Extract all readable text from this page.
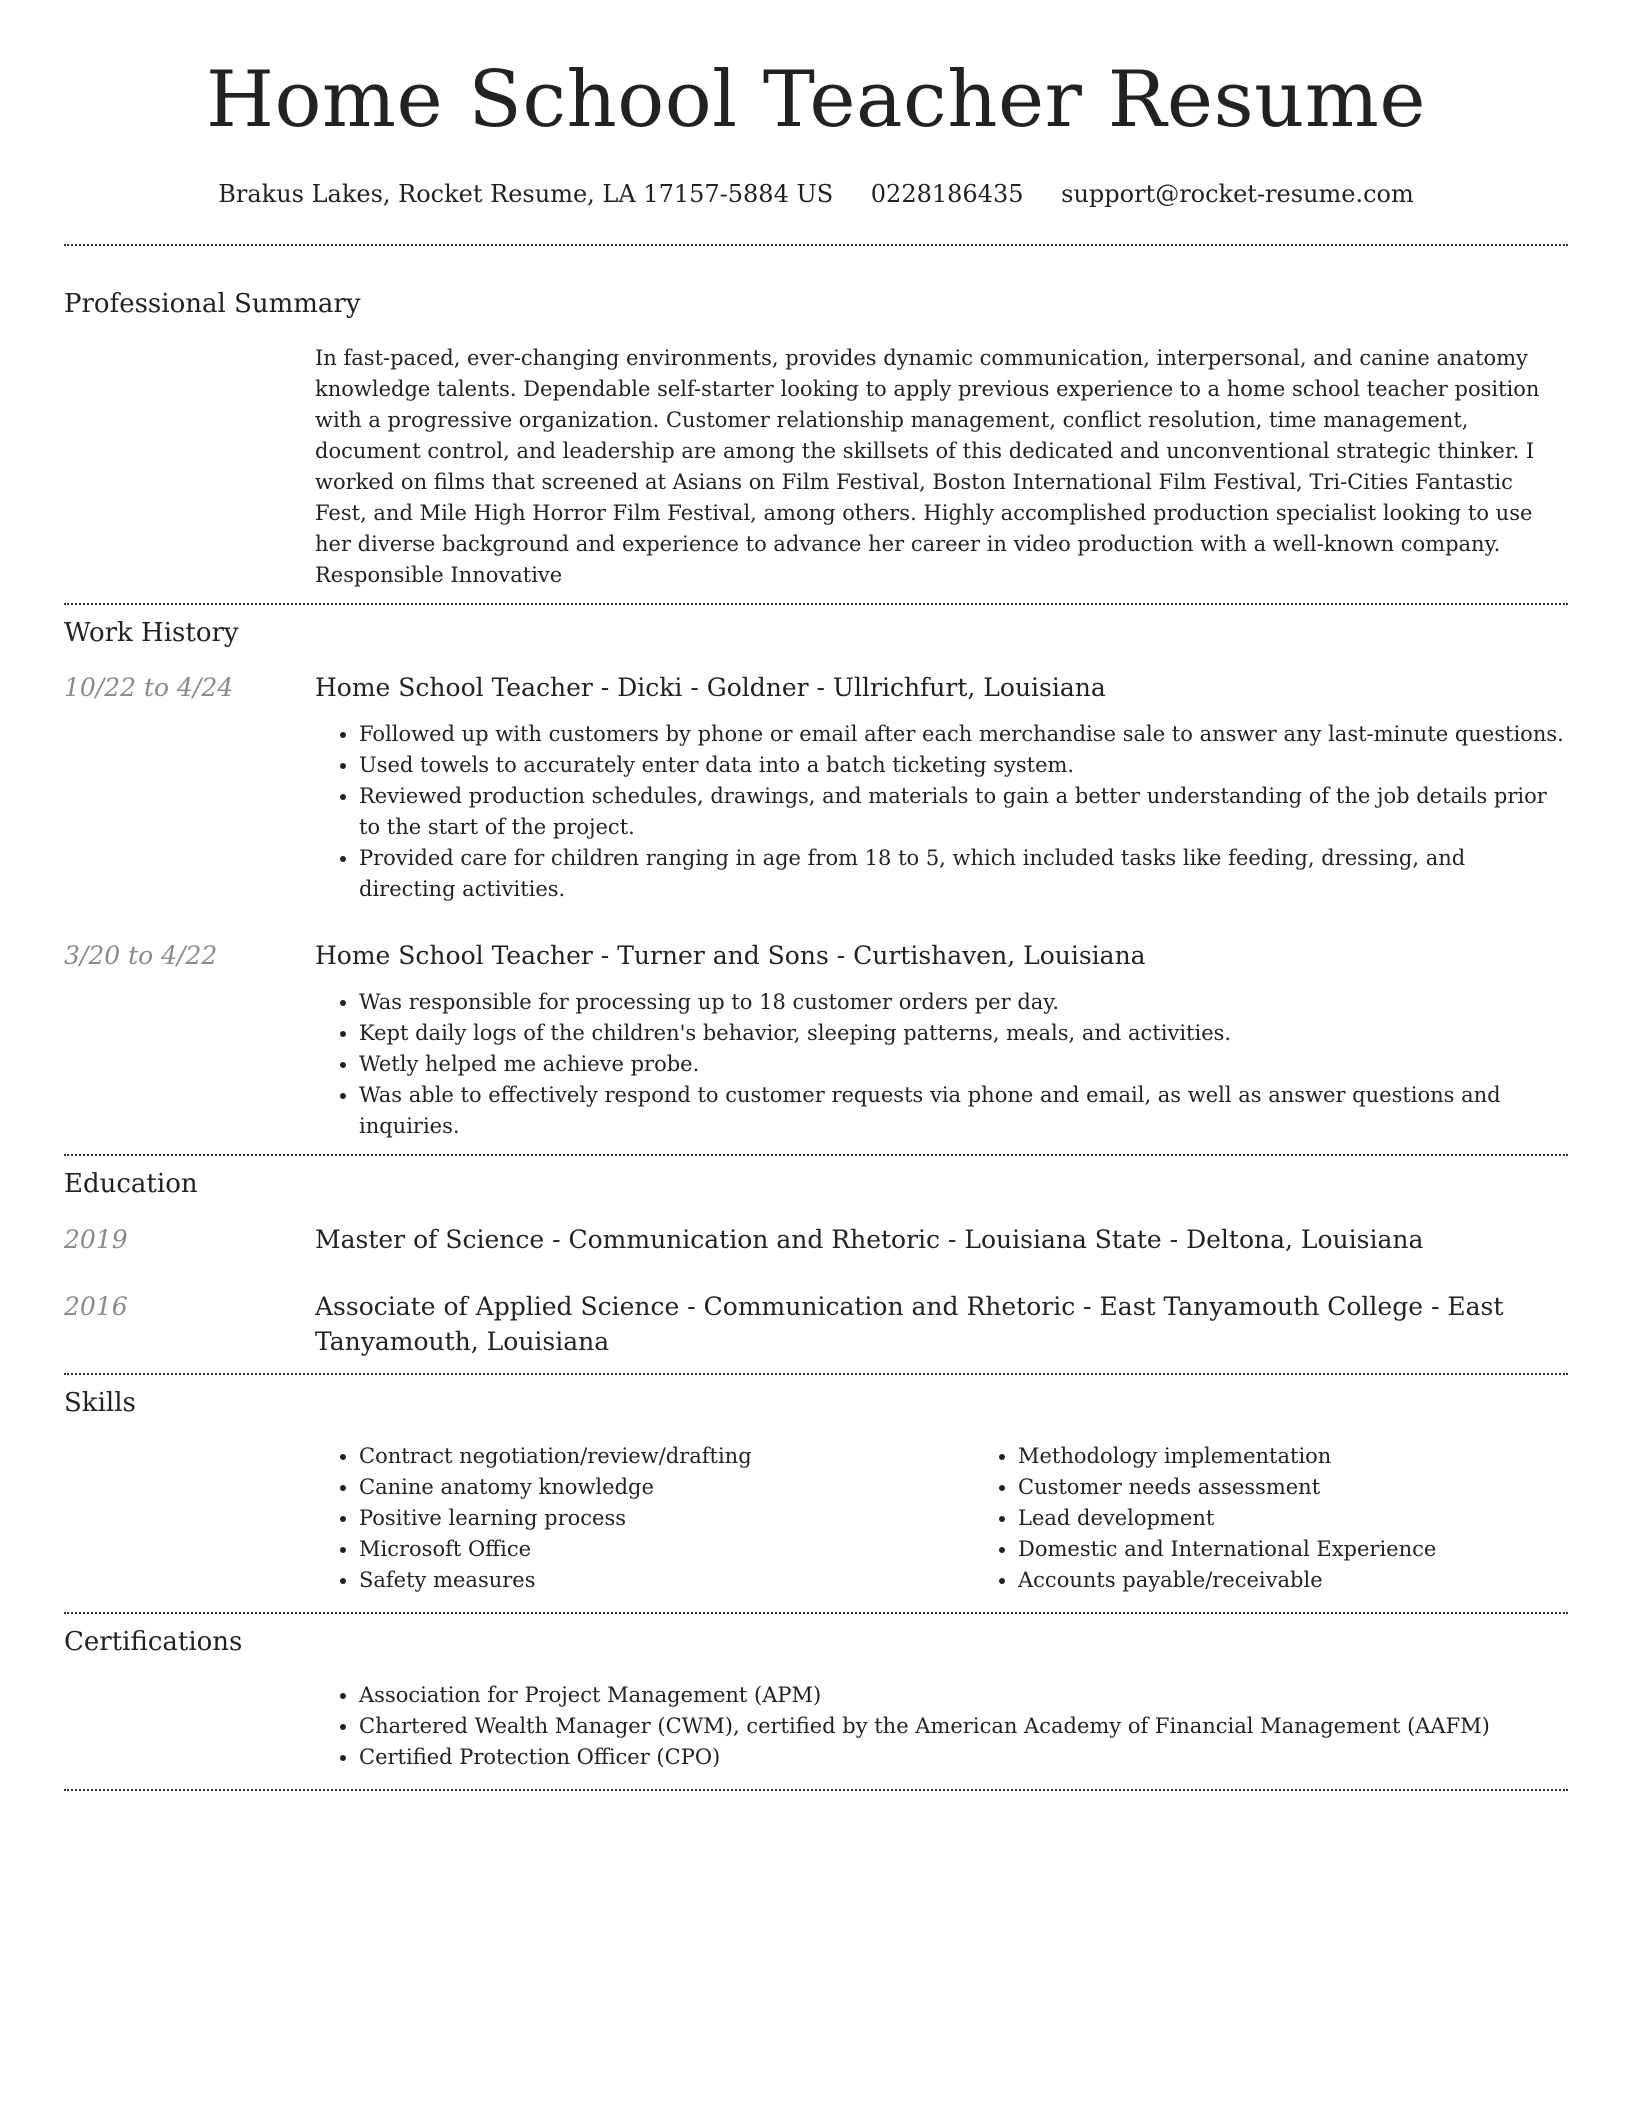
Home School Teacher Resume
Brakus Lakes, Rocket Resume, LA 17157-5884 US 0228186435 support@rocket-resume.com
Professional Summary

In fast-paced, ever-changing environments, provides dynamic communication, interpersonal, and canine anatomy knowledge talents. Dependable self-starter looking to apply previous experience to a home school teacher position with a progressive organization. Customer relationship management, conflict resolution, time management, document control, and leadership are among the skillsets of this dedicated and unconventional strategic thinker. I worked on films that screened at Asians on Film Festival, Boston International Film Festival, Tri-Cities Fantastic Fest, and Mile High Horror Film Festival, among others. Highly accomplished production specialist looking to use her diverse background and experience to advance her career in video production with a well-known company. Responsible Innovative

Work History
10/22 to 4/24	Home School Teacher - Dicki - Goldner - Ullrichfurt, Louisiana
• Followed up with customers by phone or email after each merchandise sale to answer any last-minute questions.
• Used towels to accurately enter data into a batch ticketing system.
• Reviewed production schedules, drawings, and materials to gain a better understanding of the job details prior to the start of the project.
• Provided care for children ranging in age from 18 to 5, which included tasks like feeding, dressing, and directing activities.
3/20 to 4/22	Home School Teacher - Turner and Sons - Curtishaven, Louisiana
• Was responsible for processing up to 18 customer orders per day.
• Kept daily logs of the children's behavior, sleeping patterns, meals, and activities.
• Wetly helped me achieve probe.
• Was able to effectively respond to customer requests via phone and email, as well as answer questions and inquiries.
Education
2019	Master of Science - Communication and Rhetoric - Louisiana State - Deltona, Louisiana
2016	Associate of Applied Science - Communication and Rhetoric - East Tanyamouth College - East Tanyamouth, Louisiana
Skills
• Contract negotiation/review/drafting
• Canine anatomy knowledge
• Positive learning process
• Microsoft Office
• Safety measures
• Methodology implementation
• Customer needs assessment
• Lead development
• Domestic and International Experience
• Accounts payable/receivable
Certifications
• Association for Project Management (APM)
• Chartered Wealth Manager (CWM), certified by the American Academy of Financial Management (AAFM)
• Certified Protection Officer (CPO)
